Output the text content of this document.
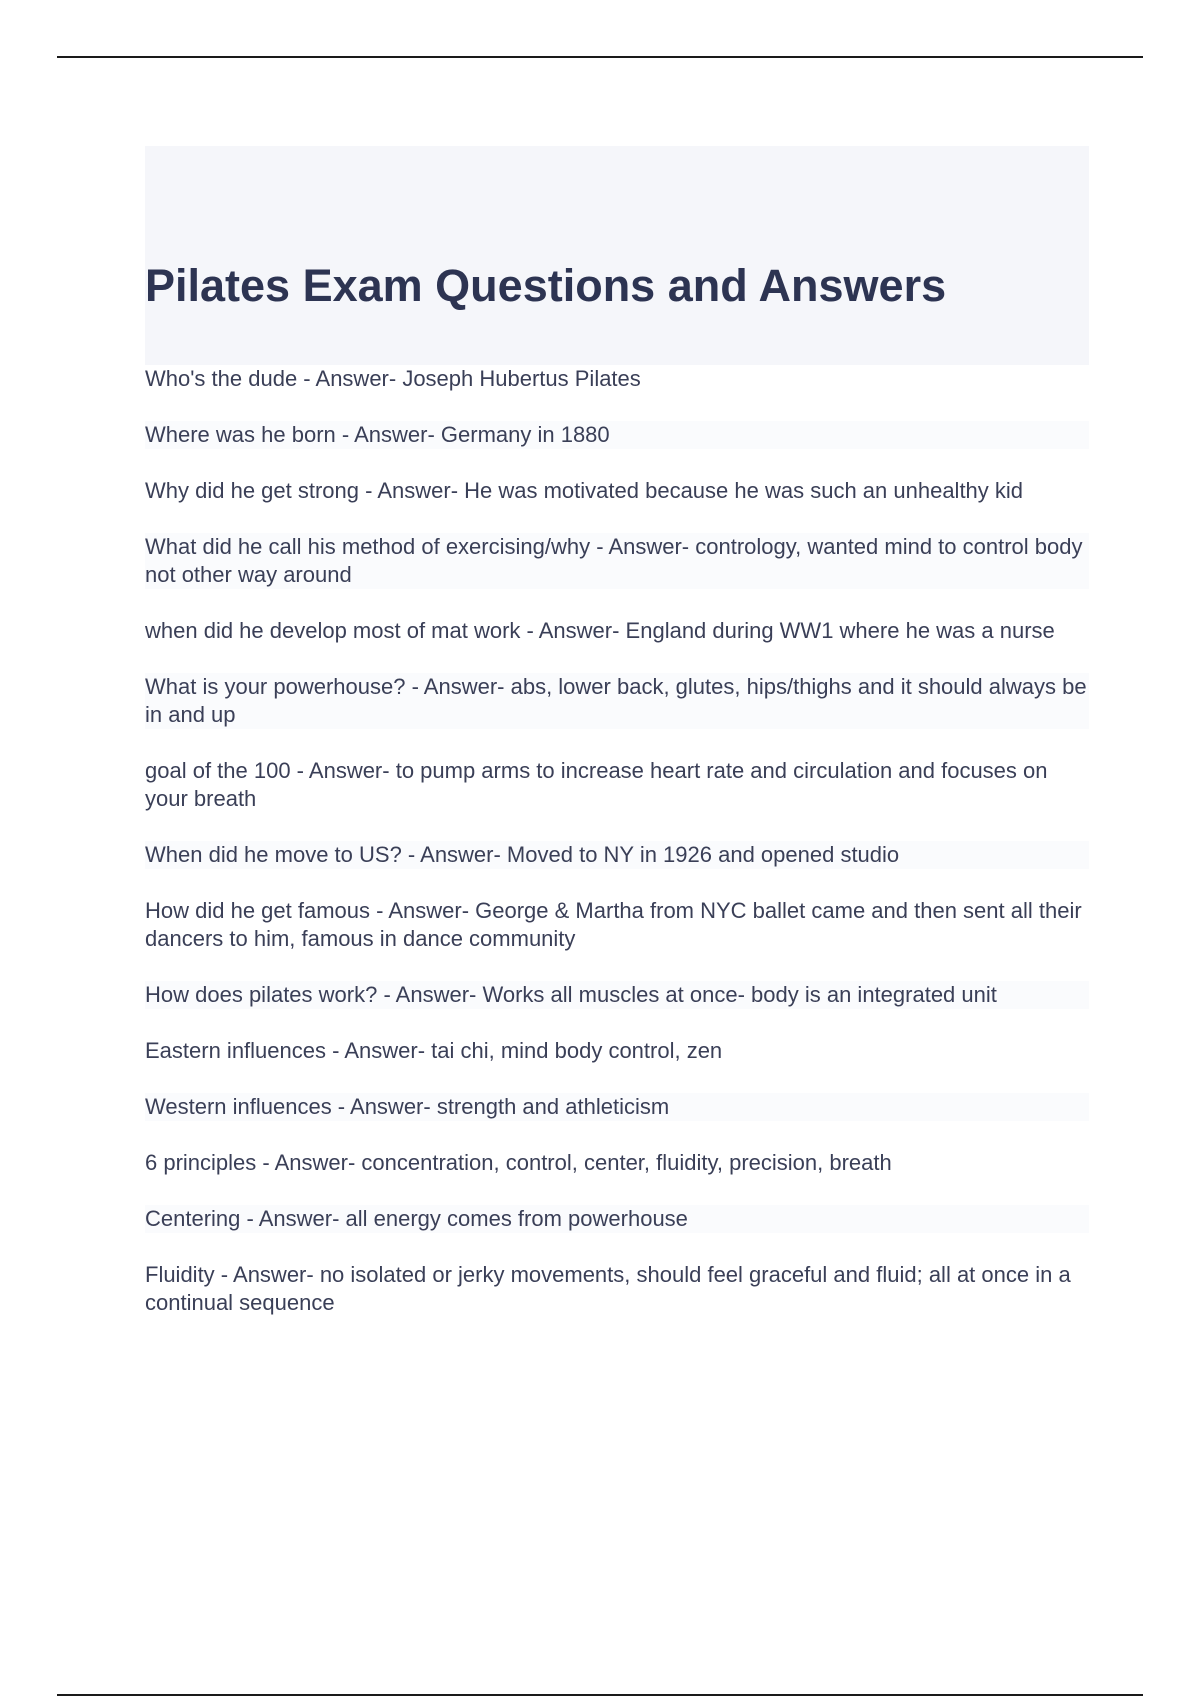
Pilates Exam Questions and Answers

Who's the dude - Answer- Joseph Hubertus Pilates

Where was he born - Answer- Germany in 1880

Why did he get strong - Answer- He was motivated because he was such an unhealthy kid

What did he call his method of exercising/why - Answer- contrology, wanted mind to control body not other way around

when did he develop most of mat work - Answer- England during WW1 where he was a nurse

What is your powerhouse? - Answer- abs, lower back, glutes, hips/thighs and it should always be in and up

goal of the 100 - Answer- to pump arms to increase heart rate and circulation and focuses on your breath

When did he move to US? - Answer- Moved to NY in 1926 and opened studio

How did he get famous - Answer- George & Martha from NYC ballet came and then sent all their dancers to him, famous in dance community

How does pilates work? - Answer- Works all muscles at once- body is an integrated unit

Eastern influences - Answer- tai chi, mind body control, zen

Western influences - Answer- strength and athleticism

6 principles - Answer- concentration, control, center, fluidity, precision, breath

Centering - Answer- all energy comes from powerhouse

Fluidity - Answer- no isolated or jerky movements, should feel graceful and fluid; all at once in a continual sequence
